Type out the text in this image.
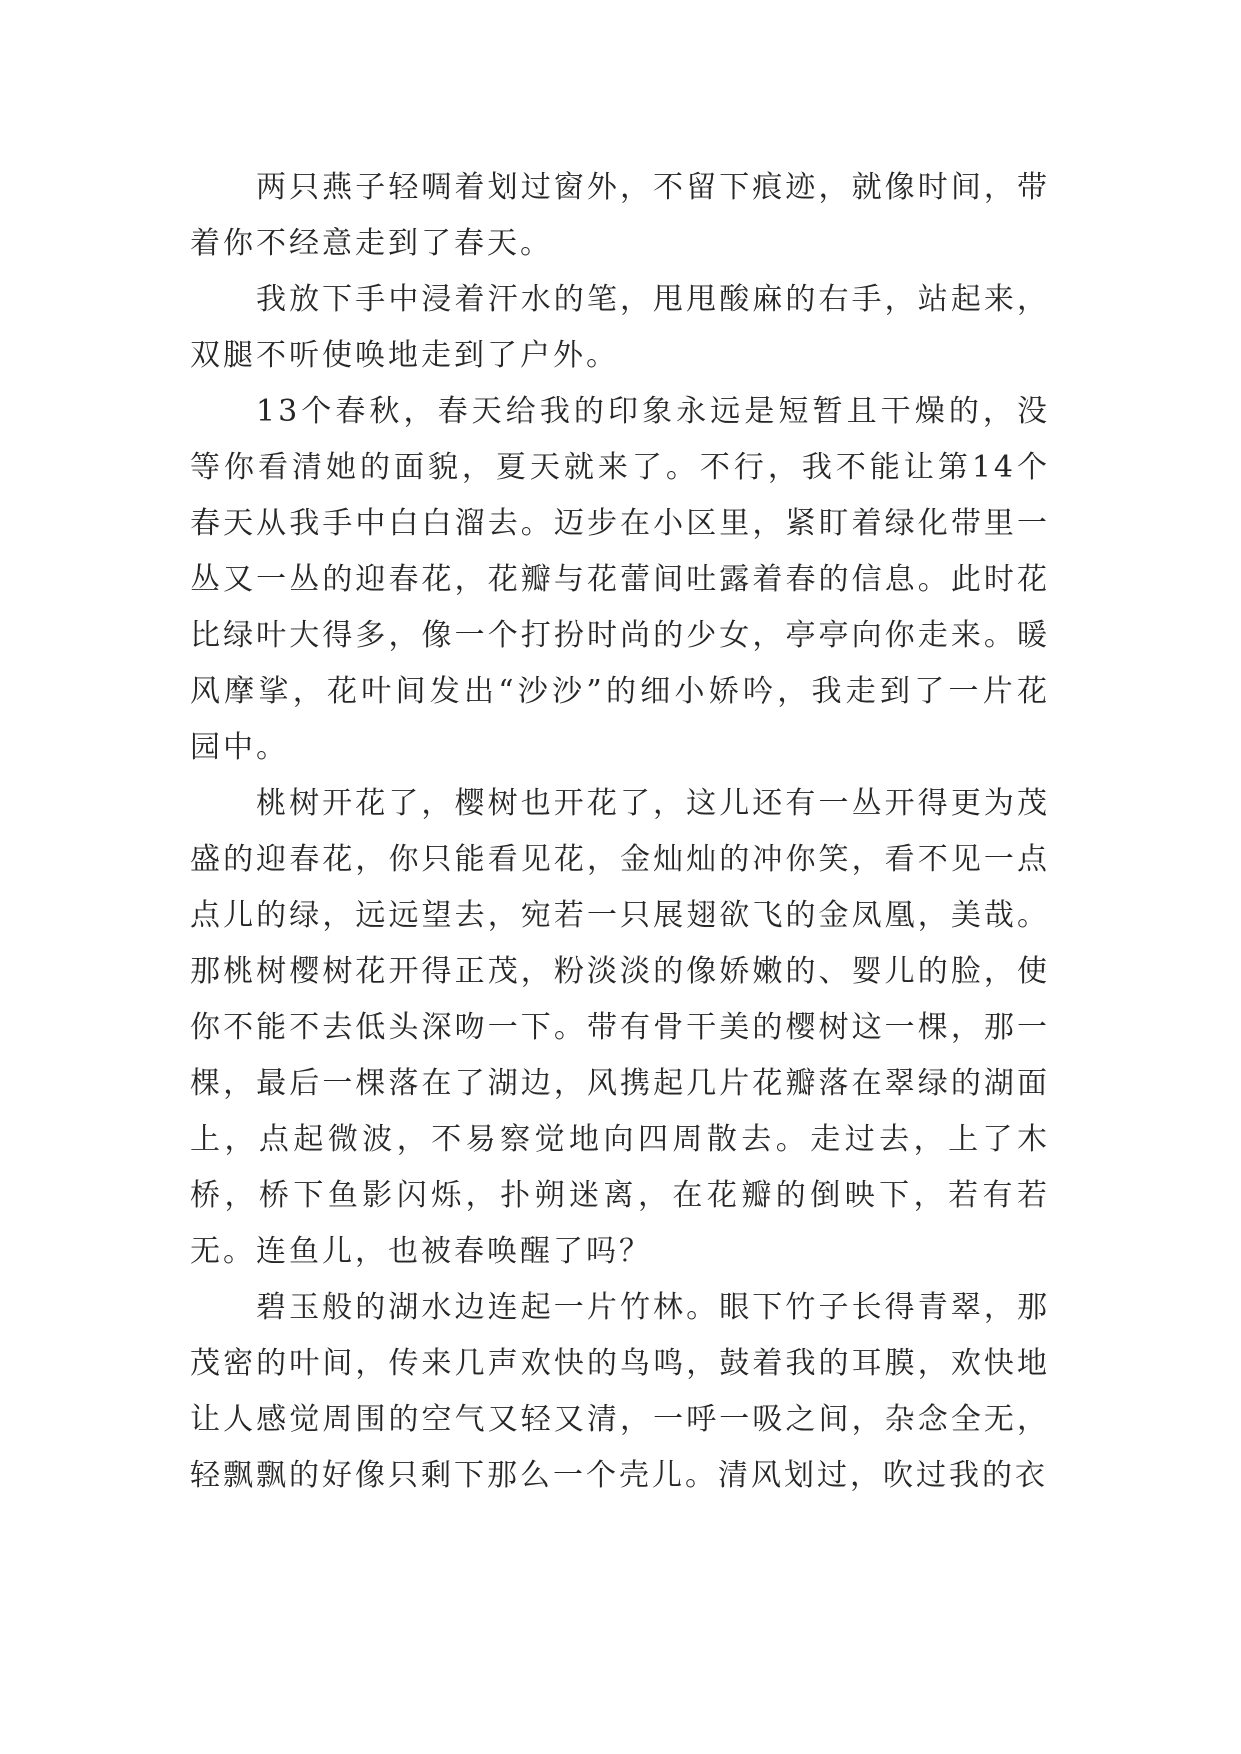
两只燕子轻啁着划过窗外，不留下痕迹，就像时间，带着你不经意走到了春天。

我放下手中浸着汗水的笔，甩甩酸麻的右手，站起来，双腿不听使唤地走到了户外。

13个春秋，春天给我的印象永远是短暂且干燥的，没等你看清她的面貌，夏天就来了。不行，我不能让第14个春天从我手中白白溜去。迈步在小区里，紧盯着绿化带里一丛又一丛的迎春花，花瓣与花蕾间吐露着春的信息。此时花比绿叶大得多，像一个打扮时尚的少女，亭亭向你走来。暖风摩挲，花叶间发出“沙沙”的细小娇吟，我走到了一片花园中。

桃树开花了，樱树也开花了，这儿还有一丛开得更为茂盛的迎春花，你只能看见花，金灿灿的冲你笑，看不见一点点儿的绿，远远望去，宛若一只展翅欲飞的金凤凰，美哉。那桃树樱树花开得正茂，粉淡淡的像娇嫩的、婴儿的脸，使你不能不去低头深吻一下。带有骨干美的樱树这一棵，那一棵，最后一棵落在了湖边，风携起几片花瓣落在翠绿的湖面上，点起微波，不易察觉地向四周散去。走过去，上了木桥，桥下鱼影闪烁，扑朔迷离，在花瓣的倒映下，若有若无。连鱼儿，也被春唤醒了吗？

碧玉般的湖水边连起一片竹林。眼下竹子长得青翠，那茂密的叶间，传来几声欢快的鸟鸣，鼓着我的耳膜，欢快地让人感觉周围的空气又轻又清，一呼一吸之间，杂念全无，轻飘飘的好像只剩下那么一个壳儿。清风划过，吹过我的衣
